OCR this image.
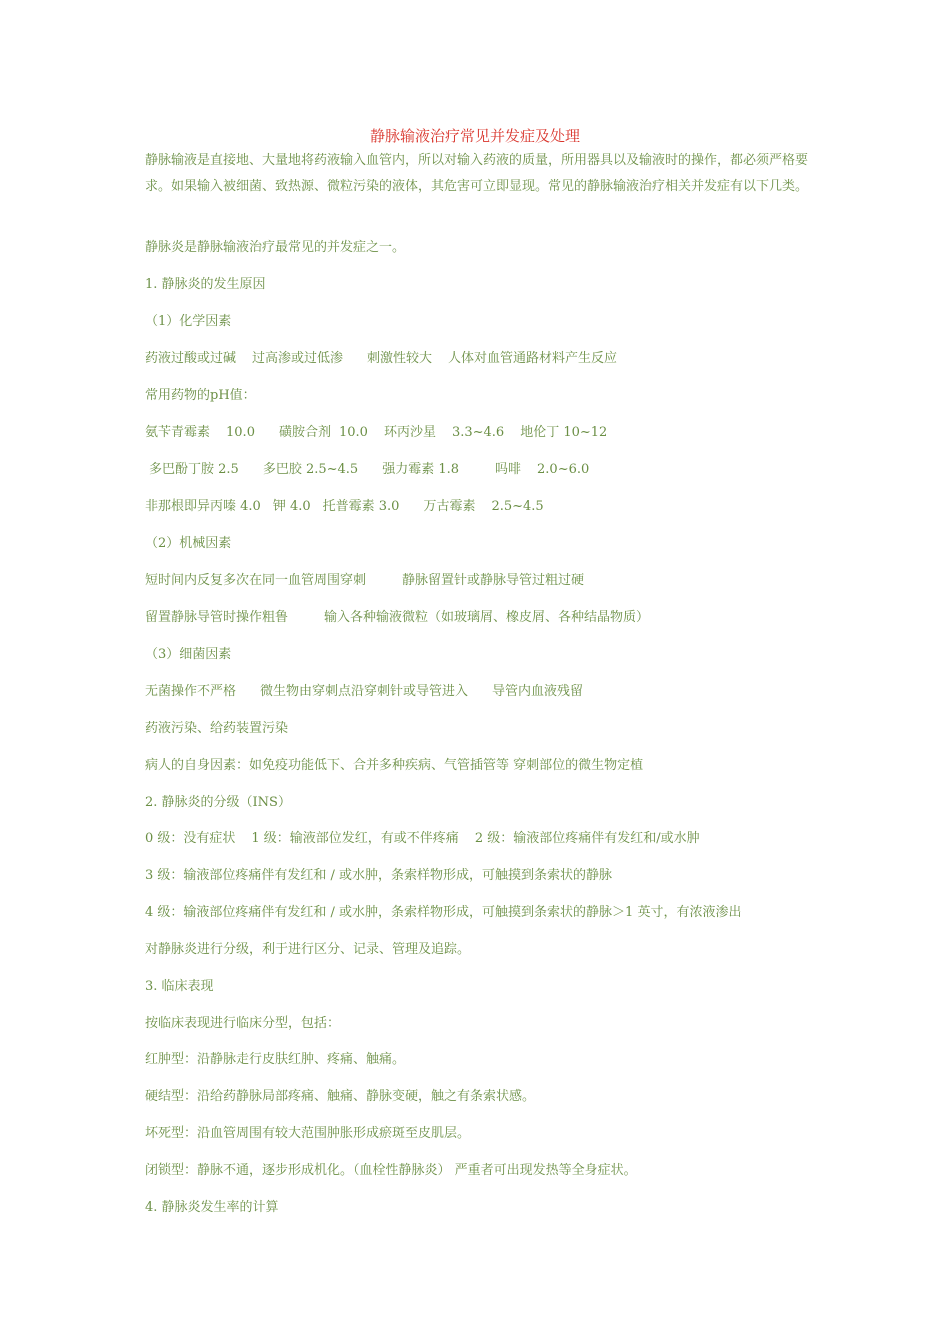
静脉输液治疗常见并发症及处理

静脉输液是直接地、大量地将药液输入血管内，所以对输入药液的质量，所用器具以及输液时的操作，都必须严格要求。如果输入被细菌、致热源、微粒污染的液体，其危害可立即显现。常见的静脉输液治疗相关并发症有以下几类。

静脉炎是静脉输液治疗最常见的并发症之一。

1. 静脉炎的发生原因

（1）化学因素

药液过酸或过碱 过高渗或过低渗 刺激性较大 人体对血管通路材料产生反应

常用药物的pH值：

氨苄青霉素 10.0 磺胺合剂 10.0 环丙沙星 3.3~4.6 地伦丁 10~12

多巴酚丁胺 2.5 多巴胶 2.5~4.5 强力霉素 1.8	吗啡 2.0~6.0

非那根即异丙嗪 4.0 钾 4.0 托普霉素 3.0 万古霉素 2.5~4.5

（2）机械因素

短时间内反复多次在同一血管周围穿刺	静脉留置针或静脉导管过粗过硬

留置静脉导管时操作粗鲁	输入各种输液微粒（如玻璃屑、橡皮屑、各种结晶物质）

（3）细菌因素

无菌操作不严格 微生物由穿刺点沿穿刺针或导管进入 导管内血液残留

药液污染、给药装置污染

病人的自身因素：如免疫功能低下、合并多种疾病、气管插管等 穿刺部位的微生物定植

2. 静脉炎的分级（INS）

0 级：没有症状 1 级：输液部位发红，有或不伴疼痛 2 级：输液部位疼痛伴有发红和/或水肿

3 级：输液部位疼痛伴有发红和 / 或水肿，条索样物形成，可触摸到条索状的静脉

4 级：输液部位疼痛伴有发红和 / 或水肿，条索样物形成，可触摸到条索状的静脉＞1 英寸，有浓液渗出

对静脉炎进行分级，利于进行区分、记录、管理及追踪。

3. 临床表现

按临床表现进行临床分型，包括：

红肿型：沿静脉走行皮肤红肿、疼痛、触痛。

硬结型：沿给药静脉局部疼痛、触痛、静脉变硬，触之有条索状感。

坏死型：沿血管周围有较大范围肿胀形成瘀斑至皮肌层。

闭锁型：静脉不通，逐步形成机化。（血栓性静脉炎） 严重者可出现发热等全身症状。

4. 静脉炎发生率的计算
